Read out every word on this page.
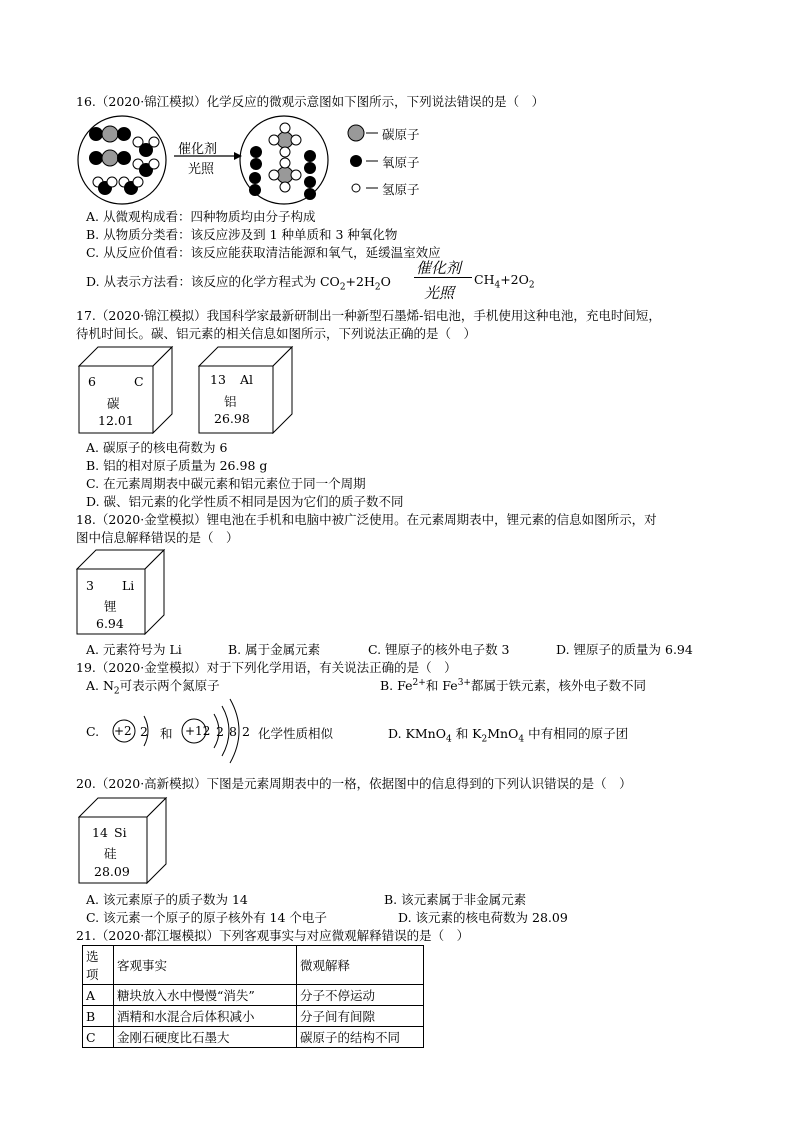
16.（2020·锦江模拟）化学反应的微观示意图如下图所示，下列说法错误的是（　）
催化剂
光照
碳原子
氧原子
氢原子
A. 从微观构成看：四种物质均由分子构成
B. 从物质分类看：该反应涉及到 1 种单质和 3 种氧化物
C. 从反应价值看：该反应能获取清洁能源和氧气，延缓温室效应
D. 从表示方法看：该反应的化学方程式为 $CO_2+2H_2O$
催化剂
光照
$CH_4+2O_2$
17.（2020·锦江模拟）我国科学家最新研制出一种新型石墨烯-铝电池，手机使用这种电池，充电时间短，
待机时间长。碳、铝元素的相关信息如图所示，下列说法正确的是（　）
6	C
碳
12.01
13 Al
铝
26.98
A. 碳原子的核电荷数为 6
B. 铝的相对原子质量为 26.98 g
C. 在元素周期表中碳元素和铝元素位于同一个周期
D. 碳、铝元素的化学性质不相同是因为它们的质子数不同
18.（2020·金堂模拟）锂电池在手机和电脑中被广泛使用。在元素周期表中，锂元素的信息如图所示，对
图中信息解释错误的是（　）
3 Li
锂
6.94
A. 元素符号为 Li	B. 属于金属元素	C. 锂原子的核外电子数 3	D. 锂原子的质量为 6.94
19.（2020·金堂模拟）对于下列化学用语，有关说法正确的是（　）
A. $N_2$可表示两个氮原子	B. $Fe^{2+}$和 $Fe^{3+}$都属于铁元素，核外电子数不同
C. +2 2 和 +12 2 8 2 化学性质相似	D. KMnO$_4$ 和 $K_2MnO_4$ 中有相同的原子团
20.（2020·高新模拟）下图是元素周期表中的一格，依据图中的信息得到的下列认识错误的是（　）
14 Si
硅
28.09
A. 该元素原子的质子数为 14	B. 该元素属于非金属元素
C. 该元素一个原子的原子核外有 14 个电子	D. 该元素的核电荷数为 28.09
21.（2020·都江堰模拟）下列客观事实与对应微观解释错误的是（　）
选项	客观事实	微观解释
A	糖块放入水中慢慢“消失”	分子不停运动
B	酒精和水混合后体积减小	分子间有间隙
C	金刚石硬度比石墨大	碳原子的结构不同
